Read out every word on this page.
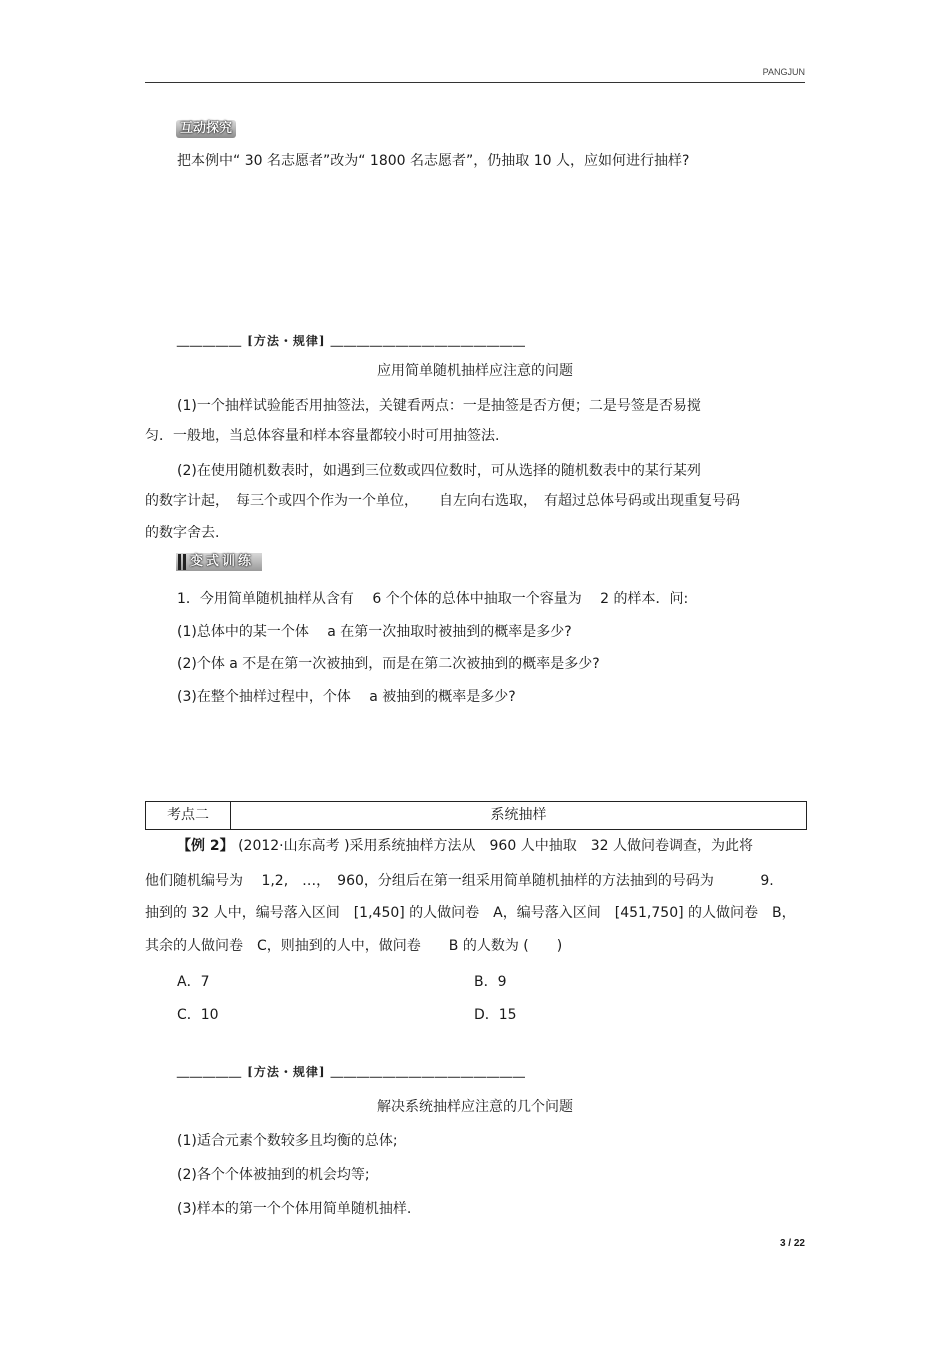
PANGJUN
互动探究
把本例中“ 30 名志愿者”改为“ 1800 名志愿者”，仍抽取 10 人，应如何进行抽样?
＿＿＿＿＿ [方法・规律] ＿＿＿＿＿＿＿＿＿＿＿＿＿＿＿
应用简单随机抽样应注意的问题
(1)一个抽样试验能否用抽签法，关键看两点：一是抽签是否方便；二是号签是否易搅
匀．一般地，当总体容量和样本容量都较小时可用抽签法.
(2)在使用随机数表时，如遇到三位数或四位数时，可从选择的随机数表中的某行某列
的数字计起，　每三个或四个作为一个单位，　　自左向右选取，　有超过总体号码或出现重复号码
的数字舍去.
变式训练
1．今用简单随机抽样从含有　 6 个个体的总体中抽取一个容量为　 2 的样本．问:
(1)总体中的某一个体　 a 在第一次抽取时被抽到的概率是多少?
(2)个体 a 不是在第一次被抽到，而是在第二次被抽到的概率是多少?
(3)在整个抽样过程中，个体　 a 被抽到的概率是多少?
考点二	系统抽样
【例 2】 (2012·山东高考 )采用系统抽样方法从　960 人中抽取　32 人做问卷调查，为此将
他们随机编号为　 1,2,　…，　960，分组后在第一组采用简单随机抽样的方法抽到的号码为　　　 9.
抽到的 32 人中，编号落入区间　[1,450] 的人做问卷　A，编号落入区间　[451,750] 的人做问卷　B，
其余的人做问卷　C，则抽到的人中，做问卷　　B 的人数为 (　　)
A．7	B．9
C．10	D．15
＿＿＿＿＿ [方法・规律] ＿＿＿＿＿＿＿＿＿＿＿＿＿＿＿
解决系统抽样应注意的几个问题
(1)适合元素个数较多且均衡的总体;
(2)各个个体被抽到的机会均等;
(3)样本的第一个个体用简单随机抽样.
3 / 22
